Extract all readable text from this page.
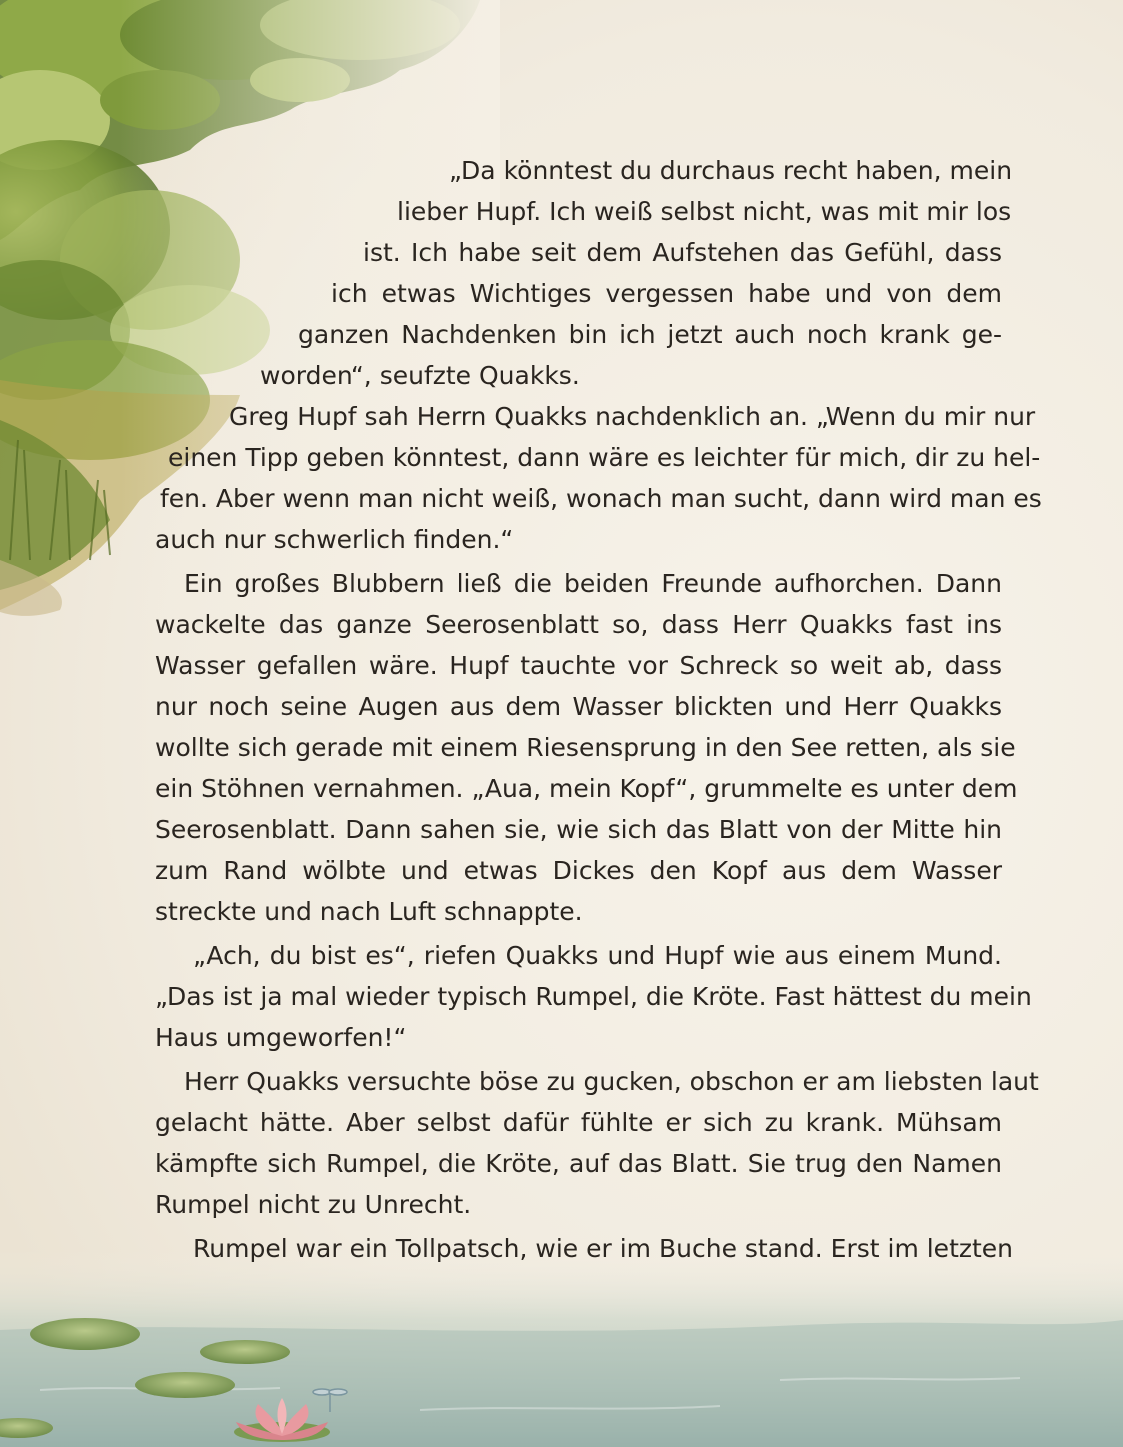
„Da könntest du durchaus recht haben, mein

lieber Hupf. Ich weiß selbst nicht, was mit mir los

ist. Ich habe seit dem Aufstehen das Gefühl, dass

ich etwas Wichtiges vergessen habe und von dem

ganzen Nachdenken bin ich jetzt auch noch krank ge-

worden“, seufzte Quakks.

Greg Hupf sah Herrn Quakks nachdenklich an. „Wenn du mir nur

einen Tipp geben könntest, dann wäre es leichter für mich, dir zu hel-

fen. Aber wenn man nicht weiß, wonach man sucht, dann wird man es

auch nur schwerlich finden.“

Ein großes Blubbern ließ die beiden Freunde aufhorchen. Dann

wackelte das ganze Seerosenblatt so, dass Herr Quakks fast ins

Wasser gefallen wäre. Hupf tauchte vor Schreck so weit ab, dass

nur noch seine Augen aus dem Wasser blickten und Herr Quakks

wollte sich gerade mit einem Riesensprung in den See retten, als sie

ein Stöhnen vernahmen. „Aua, mein Kopf“, grummelte es unter dem

Seerosenblatt. Dann sahen sie, wie sich das Blatt von der Mitte hin

zum Rand wölbte und etwas Dickes den Kopf aus dem Wasser

streckte und nach Luft schnappte.

„Ach, du bist es“, riefen Quakks und Hupf wie aus einem Mund.

„Das ist ja mal wieder typisch Rumpel, die Kröte. Fast hättest du mein

Haus umgeworfen!“

Herr Quakks versuchte böse zu gucken, obschon er am liebsten laut

gelacht hätte. Aber selbst dafür fühlte er sich zu krank. Mühsam

kämpfte sich Rumpel, die Kröte, auf das Blatt. Sie trug den Namen

Rumpel nicht zu Unrecht.

Rumpel war ein Tollpatsch, wie er im Buche stand. Erst im letzten
